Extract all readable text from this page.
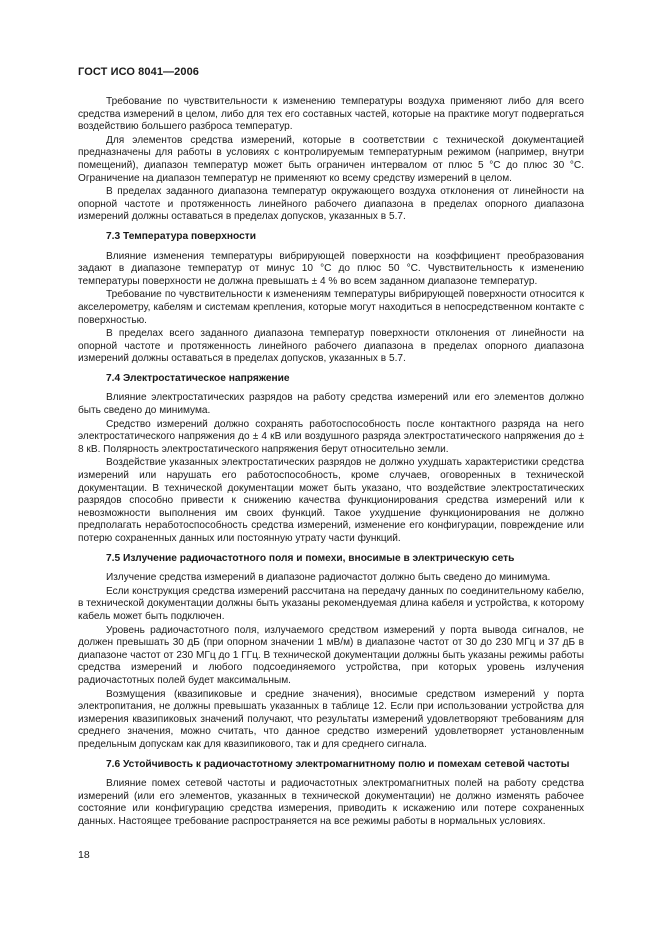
ГОСТ ИСО 8041—2006

Требование по чувствительности к изменению температуры воздуха применяют либо для всего средства измерений в целом, либо для тех его составных частей, которые на практике могут подвергаться воздействию большего разброса температур.

Для элементов средства измерений, которые в соответствии с технической документацией предназначены для работы в условиях с контролируемым температурным режимом (например, внутри помещений), диапазон температур может быть ограничен интервалом от плюс 5 °С до плюс 30 °С. Ограничение на диапазон температур не применяют ко всему средству измерений в целом.

В пределах заданного диапазона температур окружающего воздуха отклонения от линейности на опорной частоте и протяженность линейного рабочего диапазона в пределах опорного диапазона измерений должны оставаться в пределах допусков, указанных в 5.7.

7.3 Температура поверхности

Влияние изменения температуры вибрирующей поверхности на коэффициент преобразования задают в диапазоне температур от минус 10 °С до плюс 50 °С. Чувствительность к изменению температуры поверхности не должна превышать ± 4 % во всем заданном диапазоне температур.

Требование по чувствительности к изменениям температуры вибрирующей поверхности относится к акселерометру, кабелям и системам крепления, которые могут находиться в непосредственном контакте с поверхностью.

В пределах всего заданного диапазона температур поверхности отклонения от линейности на опорной частоте и протяженность линейного рабочего диапазона в пределах опорного диапазона измерений должны оставаться в пределах допусков, указанных в 5.7.

7.4 Электростатическое напряжение

Влияние электростатических разрядов на работу средства измерений или его элементов должно быть сведено до минимума.

Средство измерений должно сохранять работоспособность после контактного разряда на него электростатического напряжения до ± 4 кВ или воздушного разряда электростатического напряжения до ± 8 кВ. Полярность электростатического напряжения берут относительно земли.

Воздействие указанных электростатических разрядов не должно ухудшать характеристики средства измерений или нарушать его работоспособность, кроме случаев, оговоренных в технической документации. В технической документации может быть указано, что воздействие электростатических разрядов способно привести к снижению качества функционирования средства измерений или к невозможности выполнения им своих функций. Такое ухудшение функционирования не должно предполагать неработоспособность средства измерений, изменение его конфигурации, повреждение или потерю сохраненных данных или постоянную утрату части функций.

7.5 Излучение радиочастотного поля и помехи, вносимые в электрическую сеть

Излучение средства измерений в диапазоне радиочастот должно быть сведено до минимума.

Если конструкция средства измерений рассчитана на передачу данных по соединительному кабелю, в технической документации должны быть указаны рекомендуемая длина кабеля и устройства, к которому кабель может быть подключен.

Уровень радиочастотного поля, излучаемого средством измерений у порта вывода сигналов, не должен превышать 30 дБ (при опорном значении 1 мВ/м) в диапазоне частот от 30 до 230 МГц и 37 дБ в диапазоне частот от 230 МГц до 1 ГГц. В технической документации должны быть указаны режимы работы средства измерений и любого подсоединяемого устройства, при которых уровень излучения радиочастотных полей будет максимальным.

Возмущения (квазипиковые и средние значения), вносимые средством измерений у порта электропитания, не должны превышать указанных в таблице 12. Если при использовании устройства для измерения квазипиковых значений получают, что результаты измерений удовлетворяют требованиям для среднего значения, можно считать, что данное средство измерений удовлетворяет установленным предельным допускам как для квазипикового, так и для среднего сигнала.

7.6 Устойчивость к радиочастотному электромагнитному полю и помехам сетевой частоты

Влияние помех сетевой частоты и радиочастотных электромагнитных полей на работу средства измерений (или его элементов, указанных в технической документации) не должно изменять рабочее состояние или конфигурацию средства измерения, приводить к искажению или потере сохраненных данных. Настоящее требование распространяется на все режимы работы в нормальных условиях.

18
